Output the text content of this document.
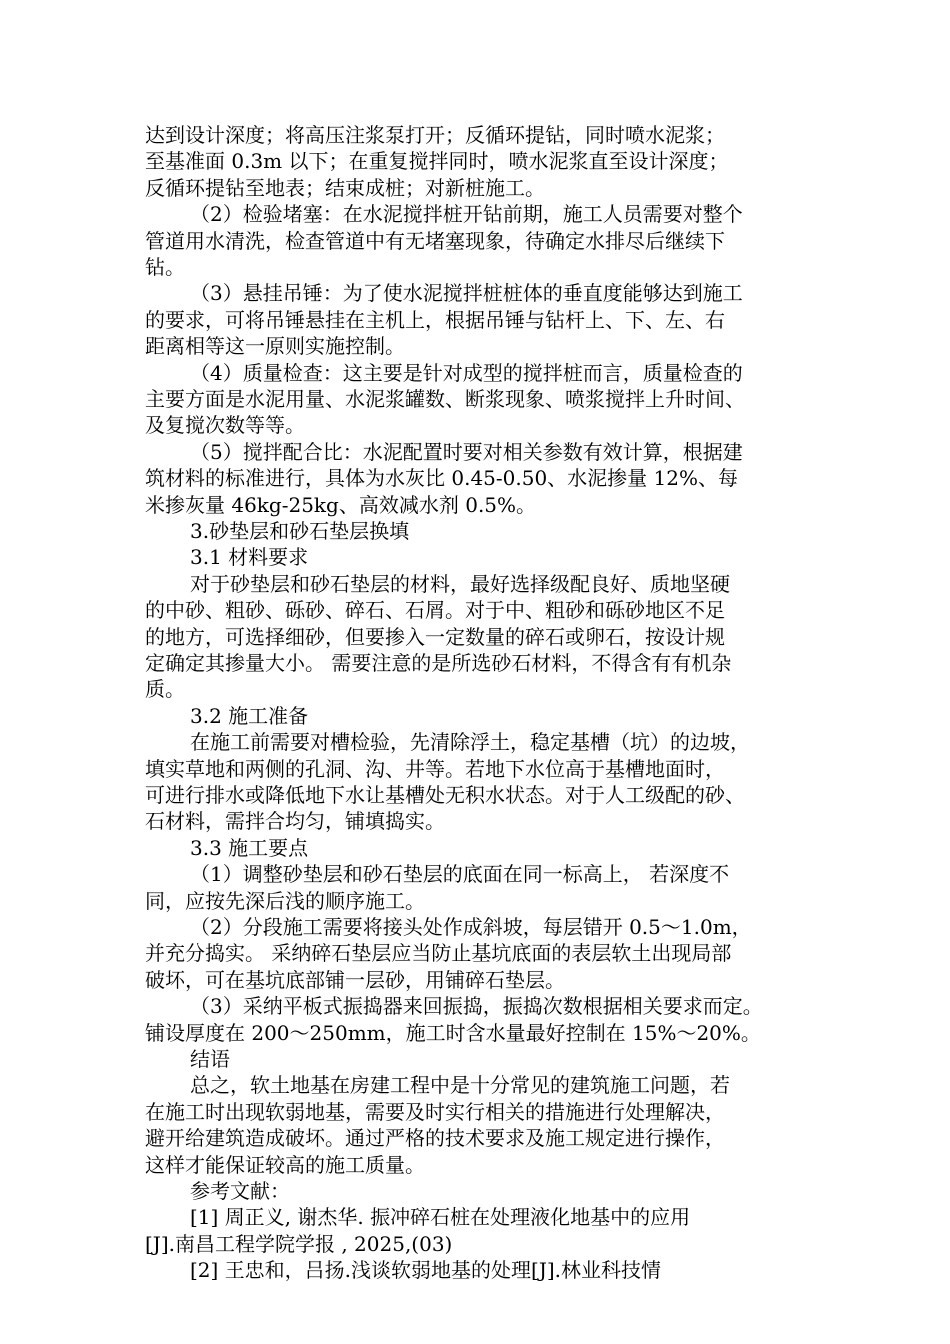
达到设计深度；将高压注浆泵打开；反循环提钻，同时喷水泥浆；
至基准面 0.3m 以下；在重复搅拌同时，喷水泥浆直至设计深度；
反循环提钻至地表；结束成桩；对新桩施工。
（2）检验堵塞：在水泥搅拌桩开钻前期，施工人员需要对整个
管道用水清洗，检查管道中有无堵塞现象，待确定水排尽后继续下
钻。
（3）悬挂吊锤：为了使水泥搅拌桩桩体的垂直度能够达到施工
的要求，可将吊锤悬挂在主机上，根据吊锤与钻杆上、下、左、右
距离相等这一原则实施控制。
（4）质量检查：这主要是针对成型的搅拌桩而言，质量检查的
主要方面是水泥用量、水泥浆罐数、断浆现象、喷浆搅拌上升时间、
及复搅次数等等。
（5）搅拌配合比：水泥配置时要对相关参数有效计算，根据建
筑材料的标准进行，具体为水灰比 0.45-0.50、水泥掺量 12%、每
米掺灰量 46kg-25kg、高效减水剂 0.5%。
3.砂垫层和砂石垫层换填
3.1 材料要求
对于砂垫层和砂石垫层的材料，最好选择级配良好、质地坚硬
的中砂、粗砂、砾砂、碎石、石屑。对于中、粗砂和砾砂地区不足
的地方，可选择细砂，但要掺入一定数量的碎石或卵石，按设计规
定确定其掺量大小。 需要注意的是所选砂石材料，不得含有有机杂
质。
3.2 施工准备
在施工前需要对槽检验，先清除浮土，稳定基槽（坑）的边坡，
填实草地和两侧的孔洞、沟、井等。若地下水位高于基槽地面时，
可进行排水或降低地下水让基槽处无积水状态。对于人工级配的砂、
石材料，需拌合均匀，铺填捣实。
3.3 施工要点
（1）调整砂垫层和砂石垫层的底面在同一标高上， 若深度不
同，应按先深后浅的顺序施工。
（2）分段施工需要将接头处作成斜坡，每层错开 0.5～1.0m，
并充分捣实。 采纳碎石垫层应当防止基坑底面的表层软土出现局部
破坏，可在基坑底部铺一层砂，用铺碎石垫层。
（3）采纳平板式振捣器来回振捣，振捣次数根据相关要求而定。
铺设厚度在 200～250mm，施工时含水量最好控制在 15%～20%。
结语
总之，软土地基在房建工程中是十分常见的建筑施工问题，若
在施工时出现软弱地基，需要及时实行相关的措施进行处理解决，
避开给建筑造成破坏。通过严格的技术要求及施工规定进行操作，
这样才能保证较高的施工质量。
参考文献：
[1] 周正义, 谢杰华. 振冲碎石桩在处理液化地基中的应用
[J].南昌工程学院学报 , 2025,(03)
[2] 王忠和，吕扬.浅谈软弱地基的处理[J].林业科技情
